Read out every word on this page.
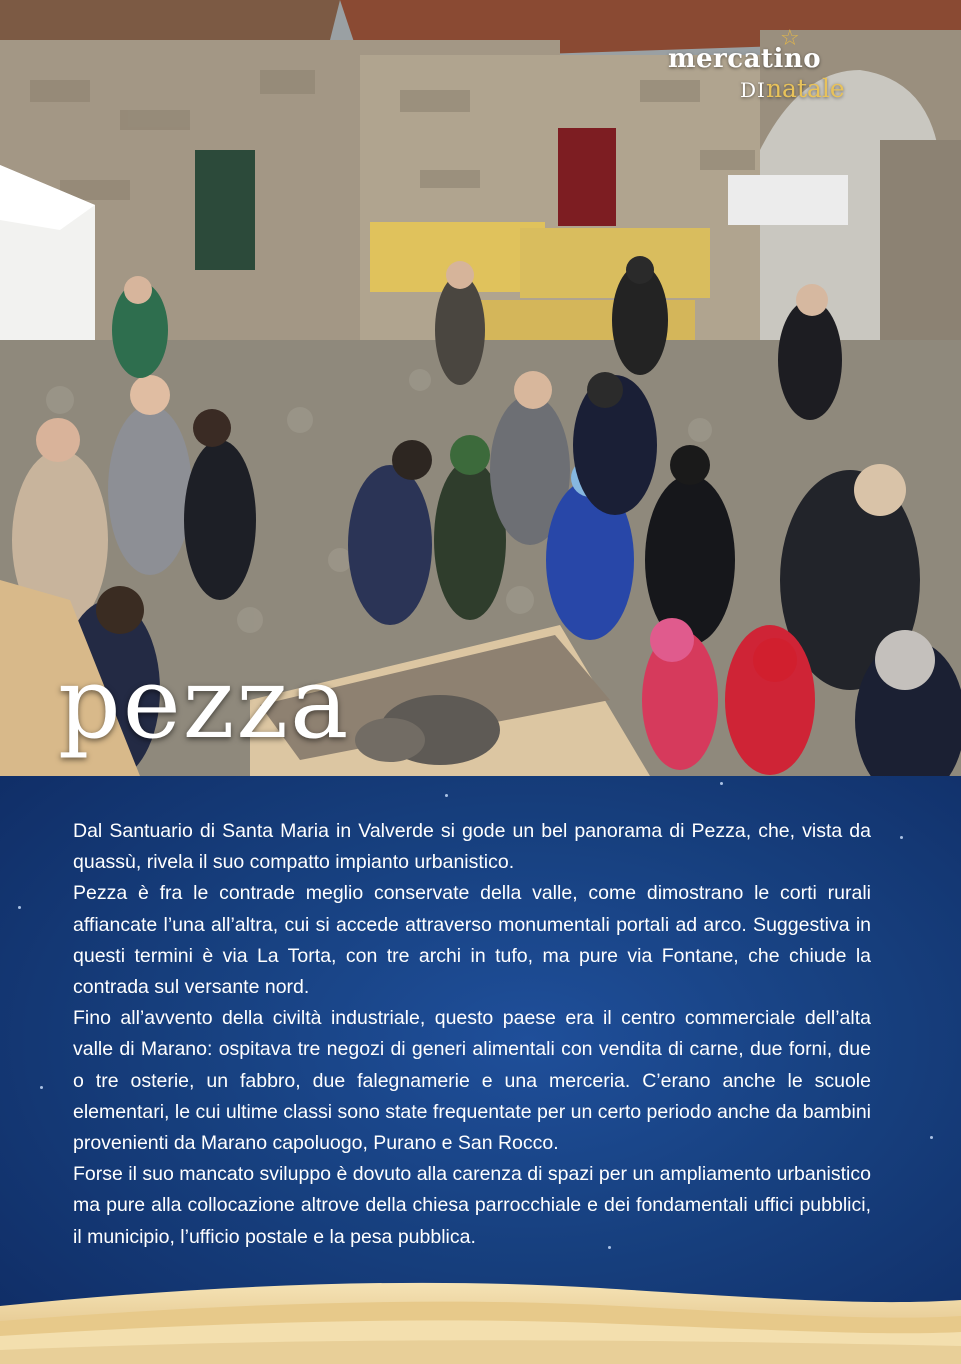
☆
mercatino
DInatale
pezza

Dal Santuario di Santa Maria in Valverde si gode un bel panorama di Pezza, che, vista da quassù, rivela il suo compatto impianto urbanistico.

Pezza è fra le contrade meglio conservate della valle, come dimostrano le corti rurali affiancate l’una all’altra, cui si accede attraverso monumentali portali ad arco. Suggestiva in questi termini è via La Torta, con tre archi in tufo, ma pure via Fontane, che chiude la contrada sul versante nord.

Fino all’avvento della civiltà industriale, questo paese era il centro commerciale dell’alta valle di Marano: ospitava tre negozi di generi alimentali con vendita di carne, due forni, due o tre osterie, un fabbro, due falegnamerie e una merceria. C’erano anche le scuole elementari, le cui ultime classi sono state frequentate per un certo periodo anche da bambini provenienti da Marano capoluogo, Purano e San Rocco.

Forse il suo mancato sviluppo è dovuto alla carenza di spazi per un ampliamento urbanistico ma pure alla collocazione altrove della chiesa parrocchiale e dei fondamentali uffici pubblici, il municipio, l’ufficio postale e la pesa pubblica.
